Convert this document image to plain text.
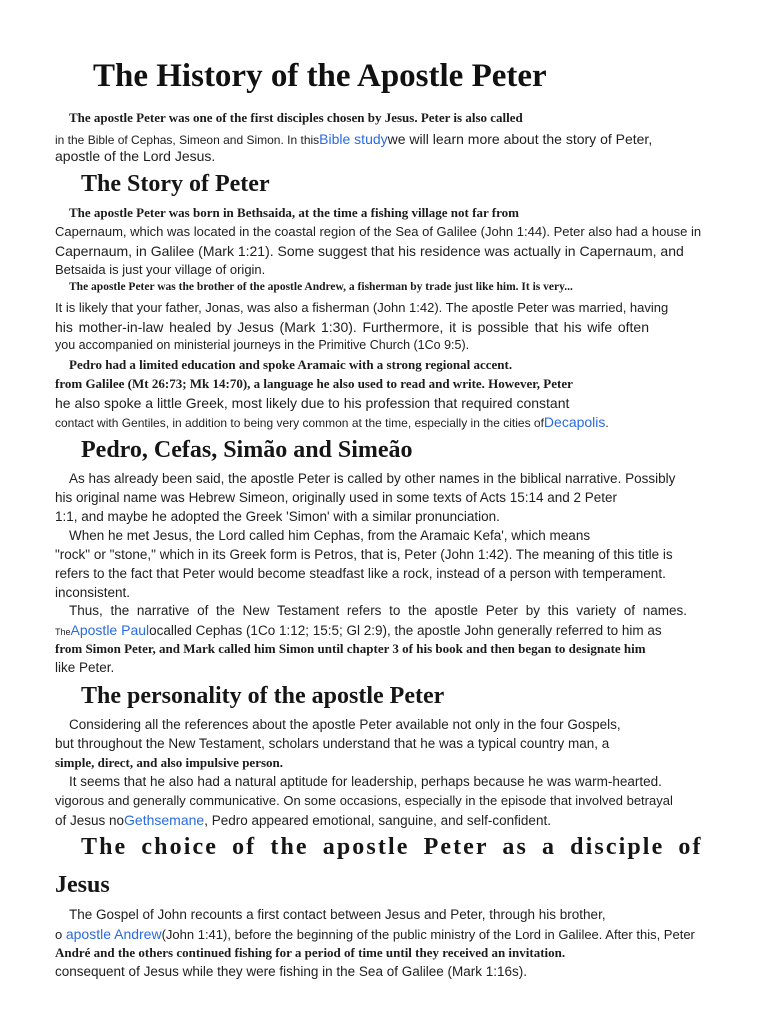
The History of the Apostle Peter

The apostle Peter was one of the first disciples chosen by Jesus. Peter is also called

in the Bible of Cephas, Simeon and Simon. In thisBible studywe will learn more about the story of Peter,

apostle of the Lord Jesus.

The Story of Peter

The apostle Peter was born in Bethsaida, at the time a fishing village not far from

Capernaum, which was located in the coastal region of the Sea of Galilee (John 1:44). Peter also had a house in

Capernaum, in Galilee (Mark 1:21). Some suggest that his residence was actually in Capernaum, and

Betsaida is just your village of origin.

The apostle Peter was the brother of the apostle Andrew, a fisherman by trade just like him. It is very...

It is likely that your father, Jonas, was also a fisherman (John 1:42). The apostle Peter was married, having

his mother-in-law healed by Jesus (Mark 1:30). Furthermore, it is possible that his wife often

you accompanied on ministerial journeys in the Primitive Church (1Co 9:5).

Pedro had a limited education and spoke Aramaic with a strong regional accent.

from Galilee (Mt 26:73; Mk 14:70), a language he also used to read and write. However, Peter

he also spoke a little Greek, most likely due to his profession that required constant

contact with Gentiles, in addition to being very common at the time, especially in the cities ofDecapolis.

Pedro, Cefas, Simão and Simeão

As has already been said, the apostle Peter is called by other names in the biblical narrative. Possibly

his original name was Hebrew Simeon, originally used in some texts of Acts 15:14 and 2 Peter

1:1, and maybe he adopted the Greek 'Simon' with a similar pronunciation.

When he met Jesus, the Lord called him Cephas, from the Aramaic Kefa', which means

"rock" or "stone," which in its Greek form is Petros, that is, Peter (John 1:42). The meaning of this title is

refers to the fact that Peter would become steadfast like a rock, instead of a person with temperament.

inconsistent.

Thus, the narrative of the New Testament refers to the apostle Peter by this variety of names.

TheApostle Paulocalled Cephas (1Co 1:12; 15:5; Gl 2:9), the apostle John generally referred to him as

from Simon Peter, and Mark called him Simon until chapter 3 of his book and then began to designate him

like Peter.

The personality of the apostle Peter

Considering all the references about the apostle Peter available not only in the four Gospels,

but throughout the New Testament, scholars understand that he was a typical country man, a

simple, direct, and also impulsive person.

It seems that he also had a natural aptitude for leadership, perhaps because he was warm-hearted.

vigorous and generally communicative. On some occasions, especially in the episode that involved betrayal

of Jesus noGethsemane, Pedro appeared emotional, sanguine, and self-confident.

The choice of the apostle Peter as a disciple of
Jesus

The Gospel of John recounts a first contact between Jesus and Peter, through his brother,

o apostle Andrew(John 1:41), before the beginning of the public ministry of the Lord in Galilee. After this, Peter

André and the others continued fishing for a period of time until they received an invitation.

consequent of Jesus while they were fishing in the Sea of Galilee (Mark 1:16s).
